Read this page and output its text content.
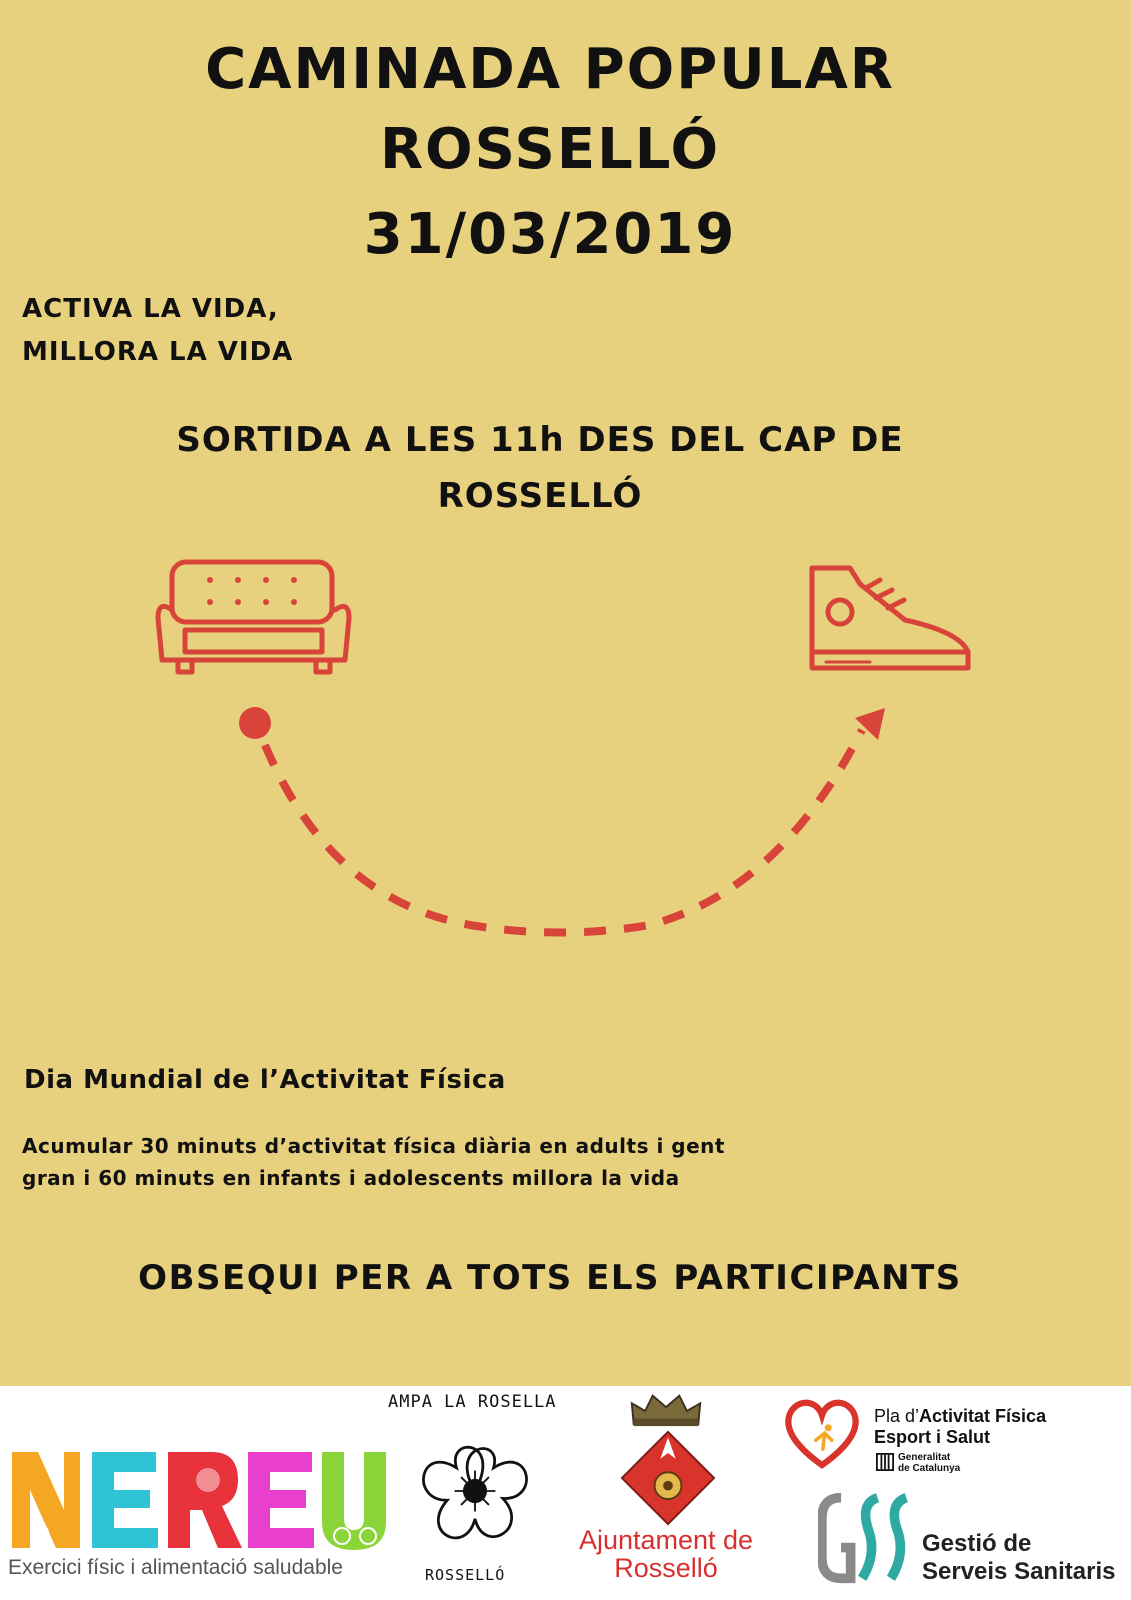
CAMINADA POPULAR
ROSSELLÓ
31/03/2019
ACTIVA LA VIDA,
MILLORA LA VIDA
SORTIDA A LES 11h DES DEL CAP DE
ROSSELLÓ
Dia Mundial de l’Activitat Física
Acumular 30 minuts d’activitat física diària en adults i gent
gran i 60 minuts en infants i adolescents millora la vida
OBSEQUI PER A TOTS ELS PARTICIPANTS
Exercici físic i alimentació saludable
AMPA LA ROSELLA
ROSSELLÓ
Ajuntament de
Rosselló
Pla d’Activitat Física
Esport i Salut
Generalitat
de Catalunya
Gestió de
Serveis Sanitaris
